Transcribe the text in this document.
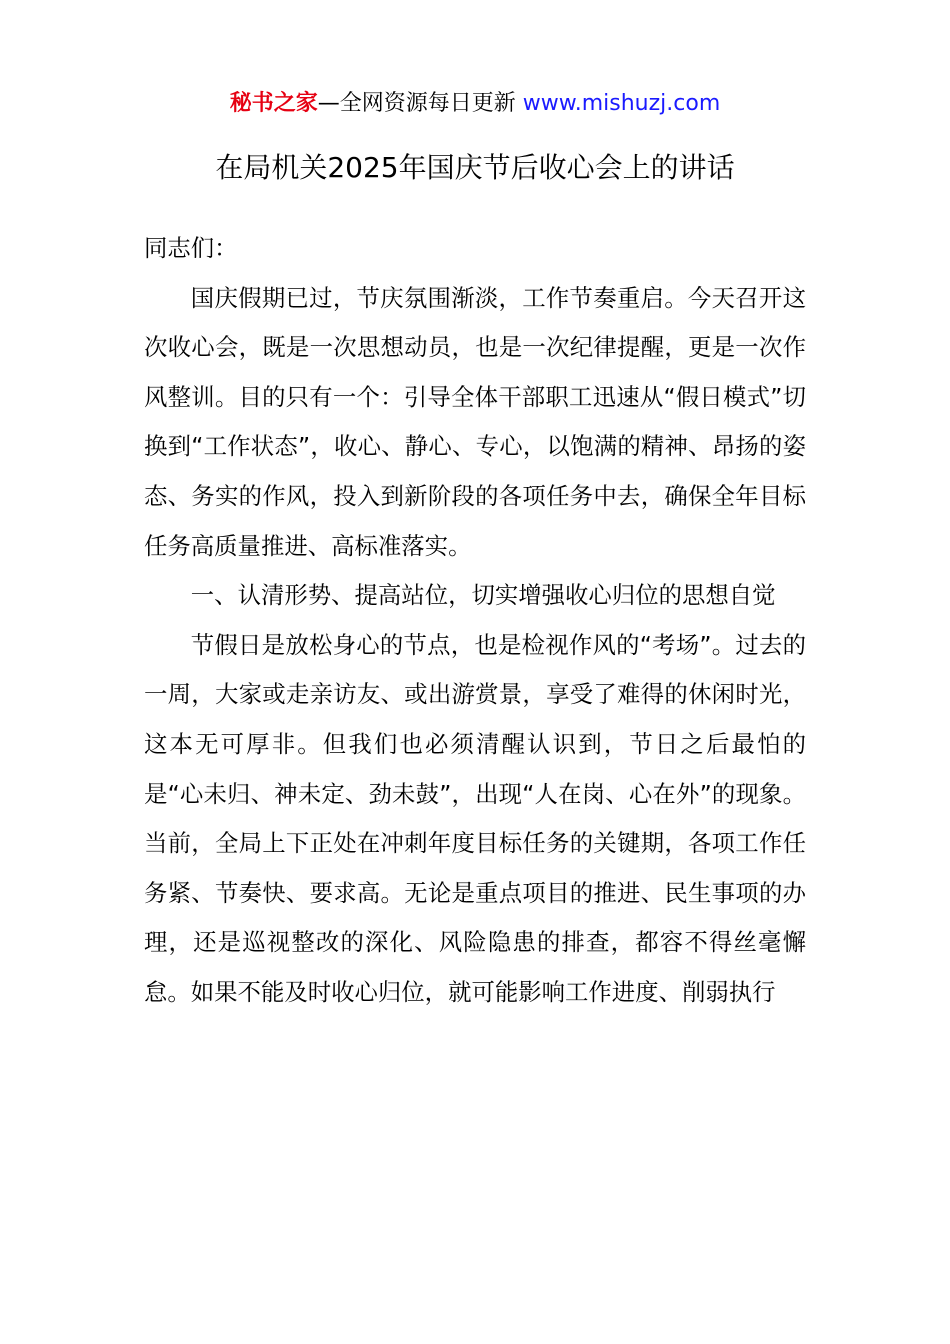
秘书之家—全网资源每日更新 www.mishuzj.com
在局机关2025年国庆节后收心会上的讲话

同志们：

国庆假期已过，节庆氛围渐淡，工作节奏重启。今天召开这次收心会，既是一次思想动员，也是一次纪律提醒，更是一次作风整训。目的只有一个：引导全体干部职工迅速从“假日模式”切换到“工作状态”，收心、静心、专心，以饱满的精神、昂扬的姿态、务实的作风，投入到新阶段的各项任务中去，确保全年目标任务高质量推进、高标准落实。

一、认清形势、提高站位，切实增强收心归位的思想自觉

节假日是放松身心的节点，也是检视作风的“考场”。过去的一周，大家或走亲访友、或出游赏景，享受了难得的休闲时光，这本无可厚非。但我们也必须清醒认识到，节日之后最怕的是“心未归、神未定、劲未鼓”，出现“人在岗、心在外”的现象。当前，全局上下正处在冲刺年度目标任务的关键期，各项工作任务紧、节奏快、要求高。无论是重点项目的推进、民生事项的办理，还是巡视整改的深化、风险隐患的排查，都容不得丝毫懈怠。如果不能及时收心归位，就可能影响工作进度、削弱执行
